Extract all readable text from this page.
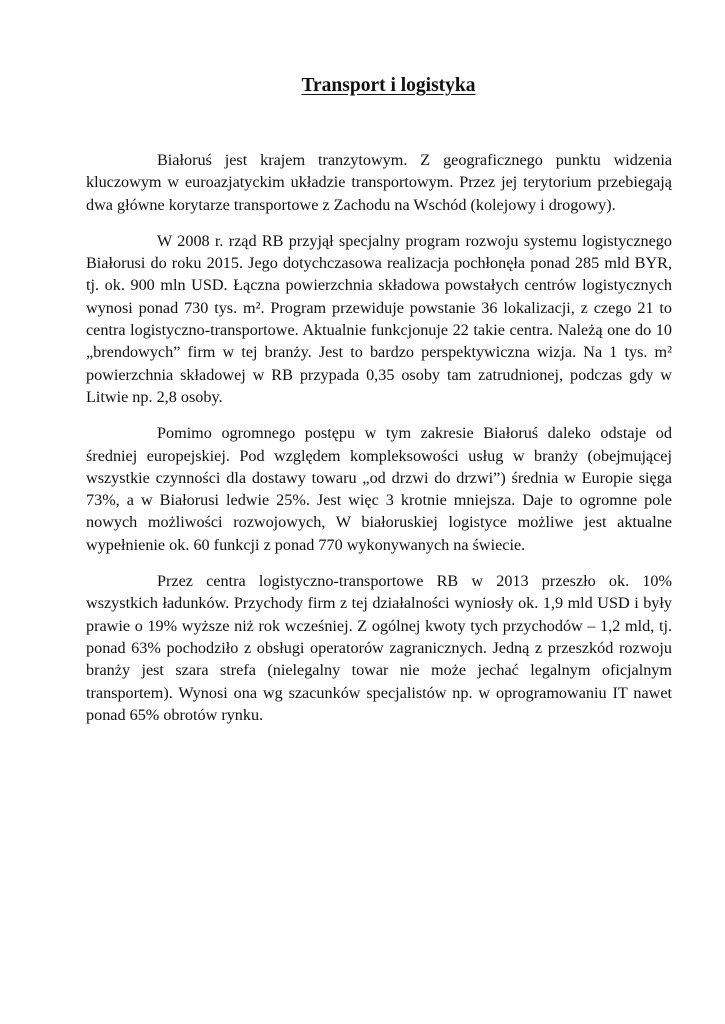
Transport i logistyka

Białoruś jest krajem tranzytowym. Z geograficznego punktu widzenia kluczowym w euroazjatyckim układzie transportowym. Przez jej terytorium przebiegają dwa główne korytarze transportowe z Zachodu na Wschód (kolejowy i drogowy).

W 2008 r. rząd RB przyjął specjalny program rozwoju systemu logistycznego Białorusi do roku 2015. Jego dotychczasowa realizacja pochłonęła ponad 285 mld BYR, tj. ok. 900 mln USD. Łączna powierzchnia składowa powstałych centrów logistycznych wynosi ponad 730 tys. m². Program przewiduje powstanie 36 lokalizacji, z czego 21 to centra logistyczno-transportowe. Aktualnie funkcjonuje 22 takie centra. Należą one do 10 „brendowych” firm w tej branży. Jest to bardzo perspektywiczna wizja. Na 1 tys. m² powierzchnia składowej w RB przypada 0,35 osoby tam zatrudnionej, podczas gdy w Litwie np. 2,8 osoby.

Pomimo ogromnego postępu w tym zakresie Białoruś daleko odstaje od średniej europejskiej. Pod względem kompleksowości usług w branży (obejmującej wszystkie czynności dla dostawy towaru „od drzwi do drzwi”) średnia w Europie sięga 73%, a w Białorusi ledwie 25%. Jest więc 3 krotnie mniejsza. Daje to ogromne pole nowych możliwości rozwojowych, W białoruskiej logistyce możliwe jest aktualne wypełnienie ok. 60 funkcji z ponad 770 wykonywanych na świecie.

Przez centra logistyczno-transportowe RB w 2013 przeszło ok. 10% wszystkich ładunków. Przychody firm z tej działalności wyniosły ok. 1,9 mld USD i były prawie o 19% wyższe niż rok wcześniej. Z ogólnej kwoty tych przychodów – 1,2 mld, tj. ponad 63% pochodziło z obsługi operatorów zagranicznych. Jedną z przeszkód rozwoju branży jest szara strefa (nielegalny towar nie może jechać legalnym oficjalnym transportem). Wynosi ona wg szacunków specjalistów np. w oprogramowaniu IT nawet ponad 65% obrotów rynku.
